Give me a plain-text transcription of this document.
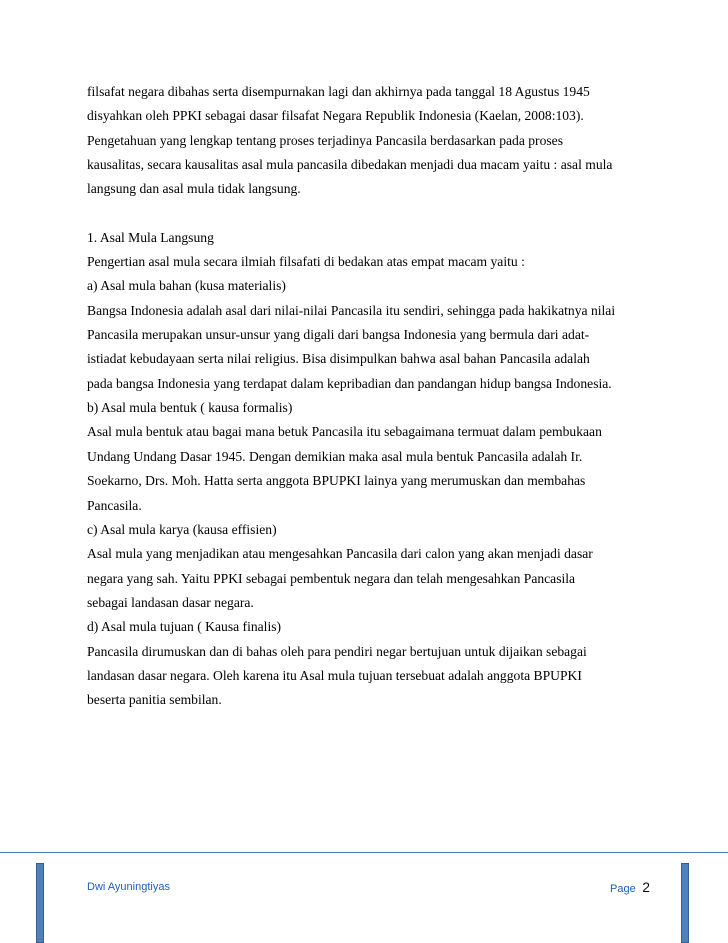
filsafat negara dibahas serta disempurnakan lagi dan akhirnya pada tanggal 18 Agustus 1945
disyahkan oleh PPKI sebagai dasar filsafat Negara Republik Indonesia (Kaelan, 2008:103).
Pengetahuan yang lengkap tentang proses terjadinya Pancasila berdasarkan pada proses
kausalitas, secara kausalitas asal mula pancasila dibedakan menjadi dua macam yaitu : asal mula
langsung dan asal mula tidak langsung.
1. Asal Mula Langsung
Pengertian asal mula secara ilmiah filsafati di bedakan atas empat macam yaitu :
a) Asal mula bahan (kusa materialis)
Bangsa Indonesia adalah asal dari nilai-nilai Pancasila itu sendiri, sehingga pada hakikatnya nilai
Pancasila merupakan unsur-unsur yang digali dari bangsa Indonesia yang bermula dari adat-
istiadat kebudayaan serta nilai religius. Bisa disimpulkan bahwa asal bahan Pancasila adalah
pada bangsa Indonesia yang terdapat dalam kepribadian dan pandangan hidup bangsa Indonesia.
b) Asal mula bentuk ( kausa formalis)
Asal mula bentuk atau bagai mana betuk Pancasila itu sebagaimana termuat dalam pembukaan
Undang Undang Dasar 1945. Dengan demikian maka asal mula bentuk Pancasila adalah Ir.
Soekarno, Drs. Moh. Hatta serta anggota BPUPKI lainya yang merumuskan dan membahas
Pancasila.
c) Asal mula karya (kausa effisien)
Asal mula yang menjadikan atau mengesahkan Pancasila dari calon yang akan menjadi dasar
negara yang sah. Yaitu PPKI sebagai pembentuk negara dan telah mengesahkan Pancasila
sebagai landasan dasar negara.
d) Asal mula tujuan ( Kausa finalis)
Pancasila dirumuskan dan di bahas oleh para pendiri negar bertujuan untuk dijaikan sebagai
landasan dasar negara. Oleh karena itu Asal mula tujuan tersebuat adalah anggota BPUPKI
beserta panitia sembilan.
Dwi Ayuningtiyas	Page 2
